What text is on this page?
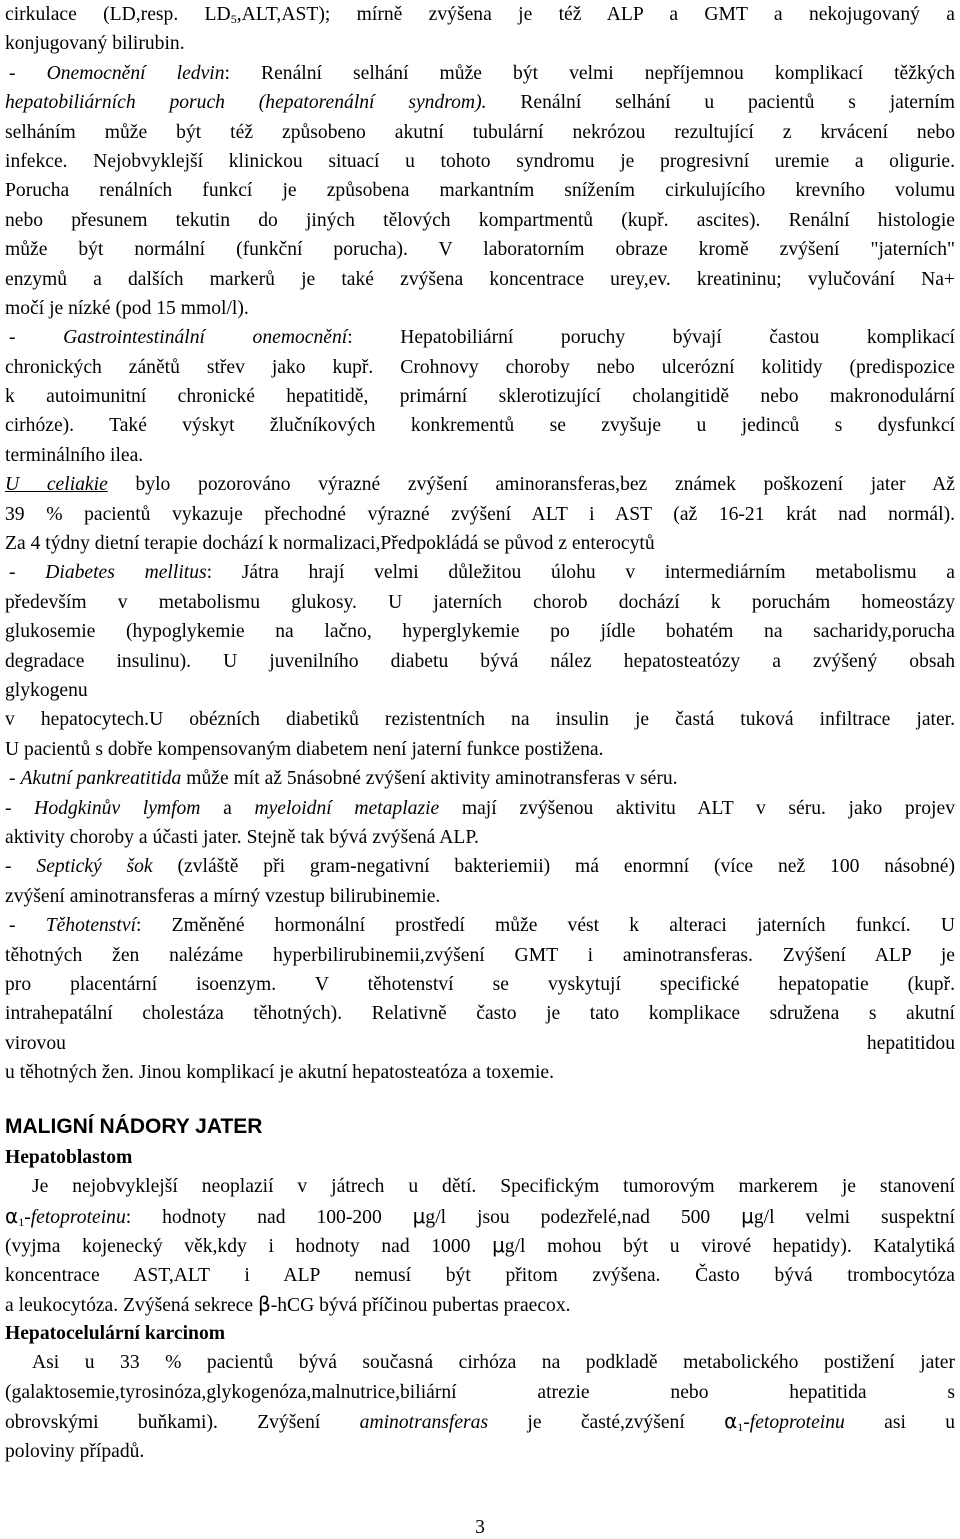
cirkulace (LD,resp. $LD_5,ALT,AST$); mírně zvýšena je též ALP a GMT a nekojugovaný a
konjugovaný bilirubin.
- Onemocnění ledvin: Renální selhání může být velmi nepříjemnou komplikací těžkých
hepatobiliárních poruch (hepatorenální syndrom). Renální selhání u pacientů s jaterním
selháním může být též způsobeno akutní tubulární nekrózou rezultující z krvácení nebo
infekce. Nejobvyklejší klinickou situací u tohoto syndromu je progresivní uremie a oligurie.
Porucha renálních funkcí je způsobena markantním snížením cirkulujícího krevního volumu
nebo přesunem tekutin do jiných tělových kompartmentů (kupř. ascites). Renální histologie
může být normální (funkční porucha). V laboratorním obraze kromě zvýšení "jaterních"
enzymů a dalších markerů je také zvýšena koncentrace urey,ev. kreatininu; vylučování Na+
močí je nízké (pod 15 mmol/l).
- Gastrointestinální onemocnění: Hepatobiliární poruchy bývají častou komplikací
chronických zánětů střev jako kupř. Crohnovy choroby nebo ulcerózní kolitidy (predispozice
k autoimunitní chronické hepatitidě, primární sklerotizující cholangitidě nebo makronodulární
cirhóze). Také výskyt žlučníkových konkrementů se zvyšuje u jedinců s dysfunkcí
terminálního ilea.
U celiakie bylo pozorováno výrazné zvýšení aminoransferas,bez známek poškození jater Až
39 % pacientů vykazuje přechodné výrazné zvýšení ALT i AST (až 16-21 krát nad normál).
Za 4 týdny dietní terapie dochází k normalizaci,Předpokládá se původ z enterocytů
- Diabetes mellitus: Játra hrají velmi důležitou úlohu v intermediárním metabolismu a
především v metabolismu glukosy. U jaterních chorob dochází k poruchám homeostázy
glukosemie (hypoglykemie na lačno, hyperglykemie po jídle bohatém na sacharidy,porucha
degradace insulinu). U juvenilního diabetu bývá nález hepatosteatózy a zvýšený obsah
glykogenu
v hepatocytech.U obézních diabetiků rezistentních na insulin je častá tuková infiltrace jater.
U pacientů s dobře kompensovaným diabetem není jaterní funkce postižena.
- Akutní pankreatitida může mít až 5násobné zvýšení aktivity aminotransferas v séru.
- Hodgkinův lymfom a myeloidní metaplazie mají zvýšenou aktivitu ALT v séru. jako projev
aktivity choroby a účasti jater. Stejně tak bývá zvýšená ALP.
- Septický šok (zvláště při gram-negativní bakteriemii) má enormní (více než 100 násobné)
zvýšení aminotransferas a mírný vzestup bilirubinemie.
- Těhotenství: Změněné hormonální prostředí může vést k alteraci jaterních funkcí. U
těhotných žen nalézáme hyperbilirubinemii,zvýšení GMT i aminotransferas. Zvýšení ALP je
pro placentární isoenzym. V těhotenství se vyskytují specifické hepatopatie (kupř.
intrahepatální cholestáza těhotných). Relativně často je tato komplikace sdružena s akutní
virovou	hepatitidou
u těhotných žen. Jinou komplikací je akutní hepatosteatóza a toxemie.
MALIGNÍ NÁDORY JATER
Hepatoblastom
Je nejobvyklejší neoplazií v játrech u dětí. Specifickým tumorovým markerem je stanovení
$\alpha_1$-fetoproteinu: hodnoty nad 100-200 μg/l jsou podezřelé,nad 500 μg/l velmi suspektní
(vyjma kojenecký věk,kdy i hodnoty nad 1000 μg/l mohou být u virové hepatidy). Katalytiká
koncentrace AST,ALT i ALP nemusí být přitom zvýšena. Často bývá trombocytóza
a leukocytóza. Zvýšená sekrece β-hCG bývá příčinou pubertas praecox.
Hepatocelulární karcinom
Asi u 33 % pacientů bývá současná cirhóza na podkladě metabolického postižení jater
(galaktosemie,tyrosinóza,glykogenóza,malnutrice,biliární atrezie nebo hepatitida s
obrovskými buňkami). Zvýšení aminotransferas je časté,zvýšení $\alpha_1$-fetoproteinu asi u
poloviny případů.
3
